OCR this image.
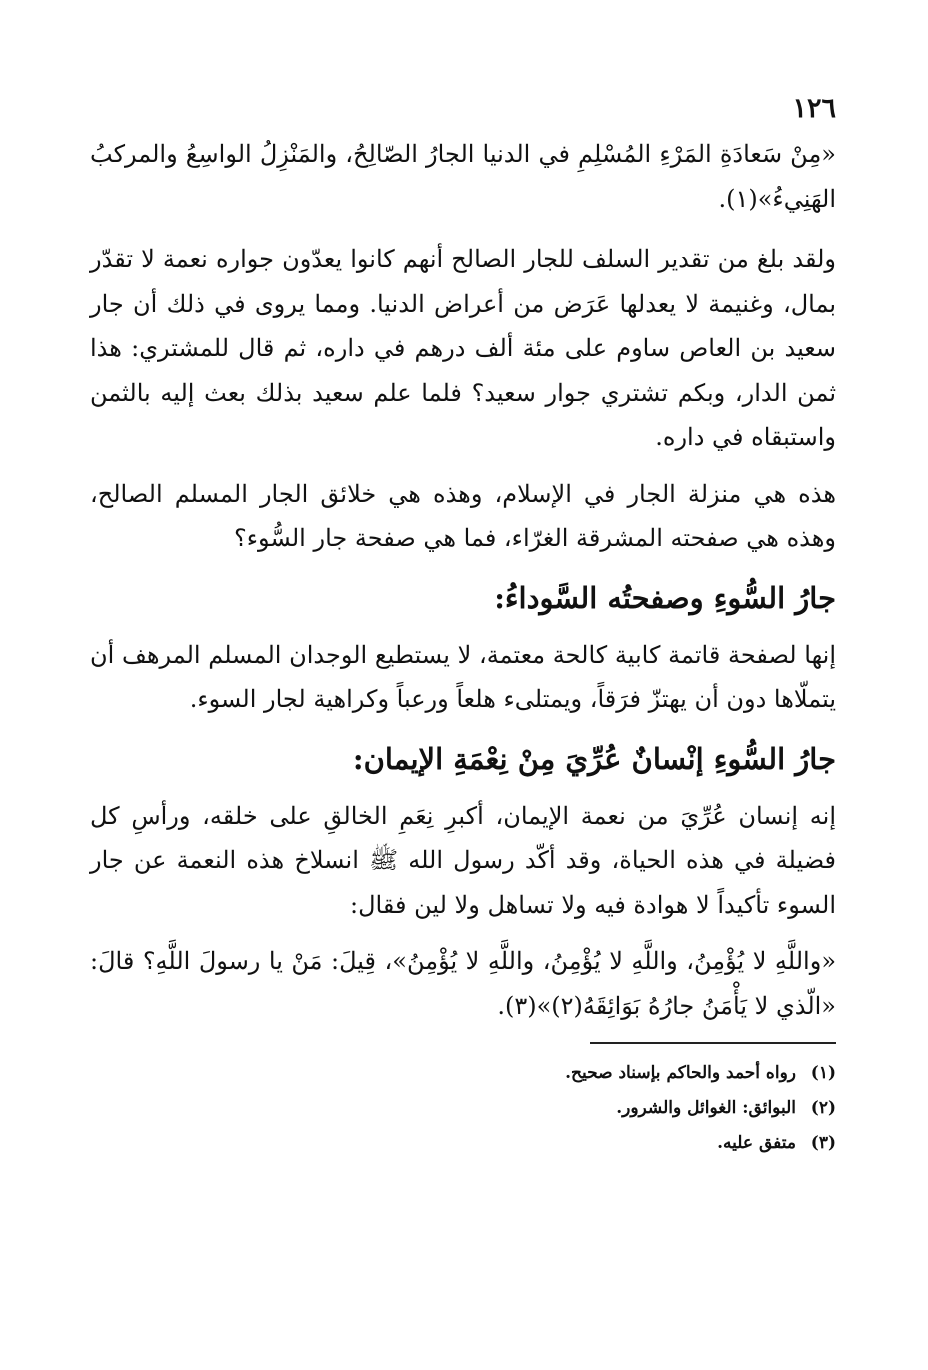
١٢٦

«مِنْ سَعادَةِ المَرْءِ المُسْلِمِ في الدنيا الجارُ الصّالِحُ، والمَنْزِلُ الواسِعُ والمركبُ الهَنِيءُ»(١).

ولقد بلغ من تقدير السلف للجار الصالح أنهم كانوا يعدّون جواره نعمة لا تقدّر بمال، وغنيمة لا يعدلها عَرَض من أعراض الدنيا. ومما يروى في ذلك أن جار سعيد بن العاص ساوم على مئة ألف درهم في داره، ثم قال للمشتري: هذا ثمن الدار، وبكم تشتري جوار سعيد؟ فلما علم سعيد بذلك بعث إليه بالثمن واستبقاه في داره.

هذه هي منزلة الجار في الإسلام، وهذه هي خلائق الجار المسلم الصالح، وهذه هي صفحته المشرقة الغرّاء، فما هي صفحة جار السُّوء؟

جارُ السُّوءِ وصفحتُه السَّوداءُ:

إنها لصفحة قاتمة كابية كالحة معتمة، لا يستطيع الوجدان المسلم المرهف أن يتملّاها دون أن يهتزّ فرَقاً، ويمتلىء هلعاً ورعباً وكراهية لجار السوء.

جارُ السُّوءِ إنْسانٌ عُرِّيَ مِنْ نِعْمَةِ الإيمان:

إنه إنسان عُرِّيَ من نعمة الإيمان، أكبرِ نِعَمِ الخالقِ على خلقه، ورأسِ كل فضيلة في هذه الحياة، وقد أكّد رسول الله ﷺ انسلاخ هذه النعمة عن جار السوء تأكيداً لا هوادة فيه ولا تساهل ولا لين فقال:

«واللَّهِ لا يُؤْمِنُ، واللَّهِ لا يُؤْمِنُ، واللَّهِ لا يُؤْمِنُ»، قِيلَ: مَنْ يا رسولَ اللَّهِ؟ قالَ: «الّذي لا يَأْمَنُ جارُهُ بَوَائِقَهُ(٢)»(٣).

(١)
رواه أحمد والحاكم بإسناد صحيح.
(٢)
البوائق: الغوائل والشرور.
(٣)
متفق عليه.
